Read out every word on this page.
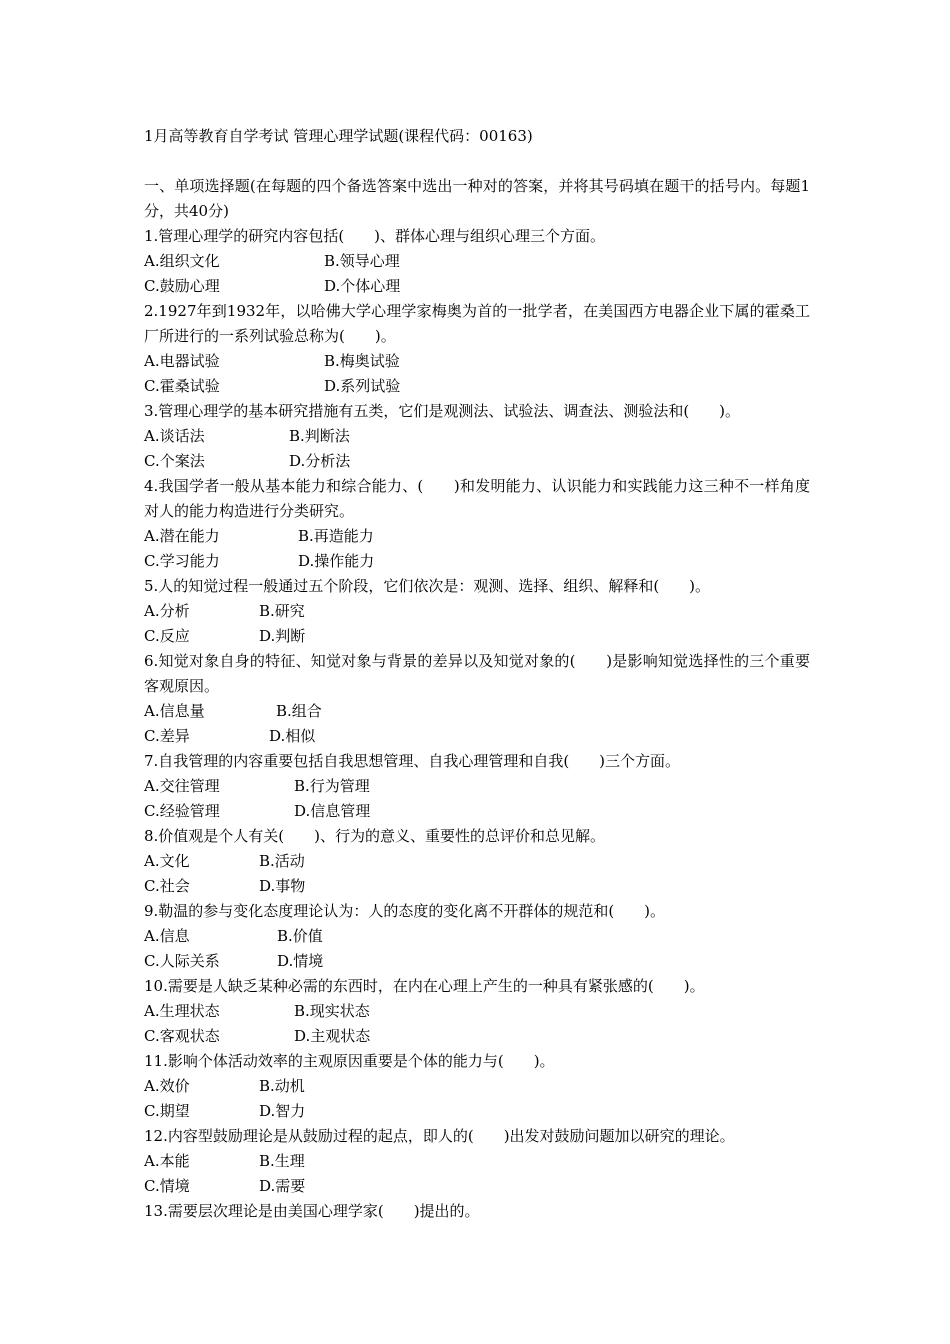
1月高等教育自学考试 管理心理学试题(课程代码：00163)

一、单项选择题(在每题的四个备选答案中选出一种对的答案，并将其号码填在题干的括号内。每题1分，共40分)

1.管理心理学的研究内容包括(　　)、群体心理与组织心理三个方面。

A.组织文化	B.领导心理
C.鼓励心理	D.个体心理

2.1927年到1932年，以哈佛大学心理学家梅奥为首的一批学者，在美国西方电器企业下属的霍桑工厂所进行的一系列试验总称为(　　)。

A.电器试验	B.梅奥试验
C.霍桑试验	D.系列试验

3.管理心理学的基本研究措施有五类，它们是观测法、试验法、调查法、测验法和(　　)。

A.谈话法	B.判断法
C.个案法	D.分析法

4.我国学者一般从基本能力和综合能力、(　　)和发明能力、认识能力和实践能力这三种不一样角度对人的能力构造进行分类研究。

A.潜在能力	B.再造能力
C.学习能力	D.操作能力

5.人的知觉过程一般通过五个阶段，它们依次是：观测、选择、组织、解释和(　　)。

A.分析	B.研究
C.反应	D.判断

6.知觉对象自身的特征、知觉对象与背景的差异以及知觉对象的(　　)是影响知觉选择性的三个重要客观原因。

A.信息量	B.组合
C.差异	D.相似

7.自我管理的内容重要包括自我思想管理、自我心理管理和自我(　　)三个方面。

A.交往管理	B.行为管理
C.经验管理	D.信息管理

8.价值观是个人有关(　　)、行为的意义、重要性的总评价和总见解。

A.文化	B.活动
C.社会	D.事物

9.勒温的参与变化态度理论认为：人的态度的变化离不开群体的规范和(　　)。

A.信息	B.价值
C.人际关系	D.情境

10.需要是人缺乏某种必需的东西时，在内在心理上产生的一种具有紧张感的(　　)。

A.生理状态	B.现实状态
C.客观状态	D.主观状态

11.影响个体活动效率的主观原因重要是个体的能力与(　　)。

A.效价	B.动机
C.期望	D.智力

12.内容型鼓励理论是从鼓励过程的起点，即人的(　　)出发对鼓励问题加以研究的理论。

A.本能	B.生理
C.情境	D.需要

13.需要层次理论是由美国心理学家(　　)提出的。
